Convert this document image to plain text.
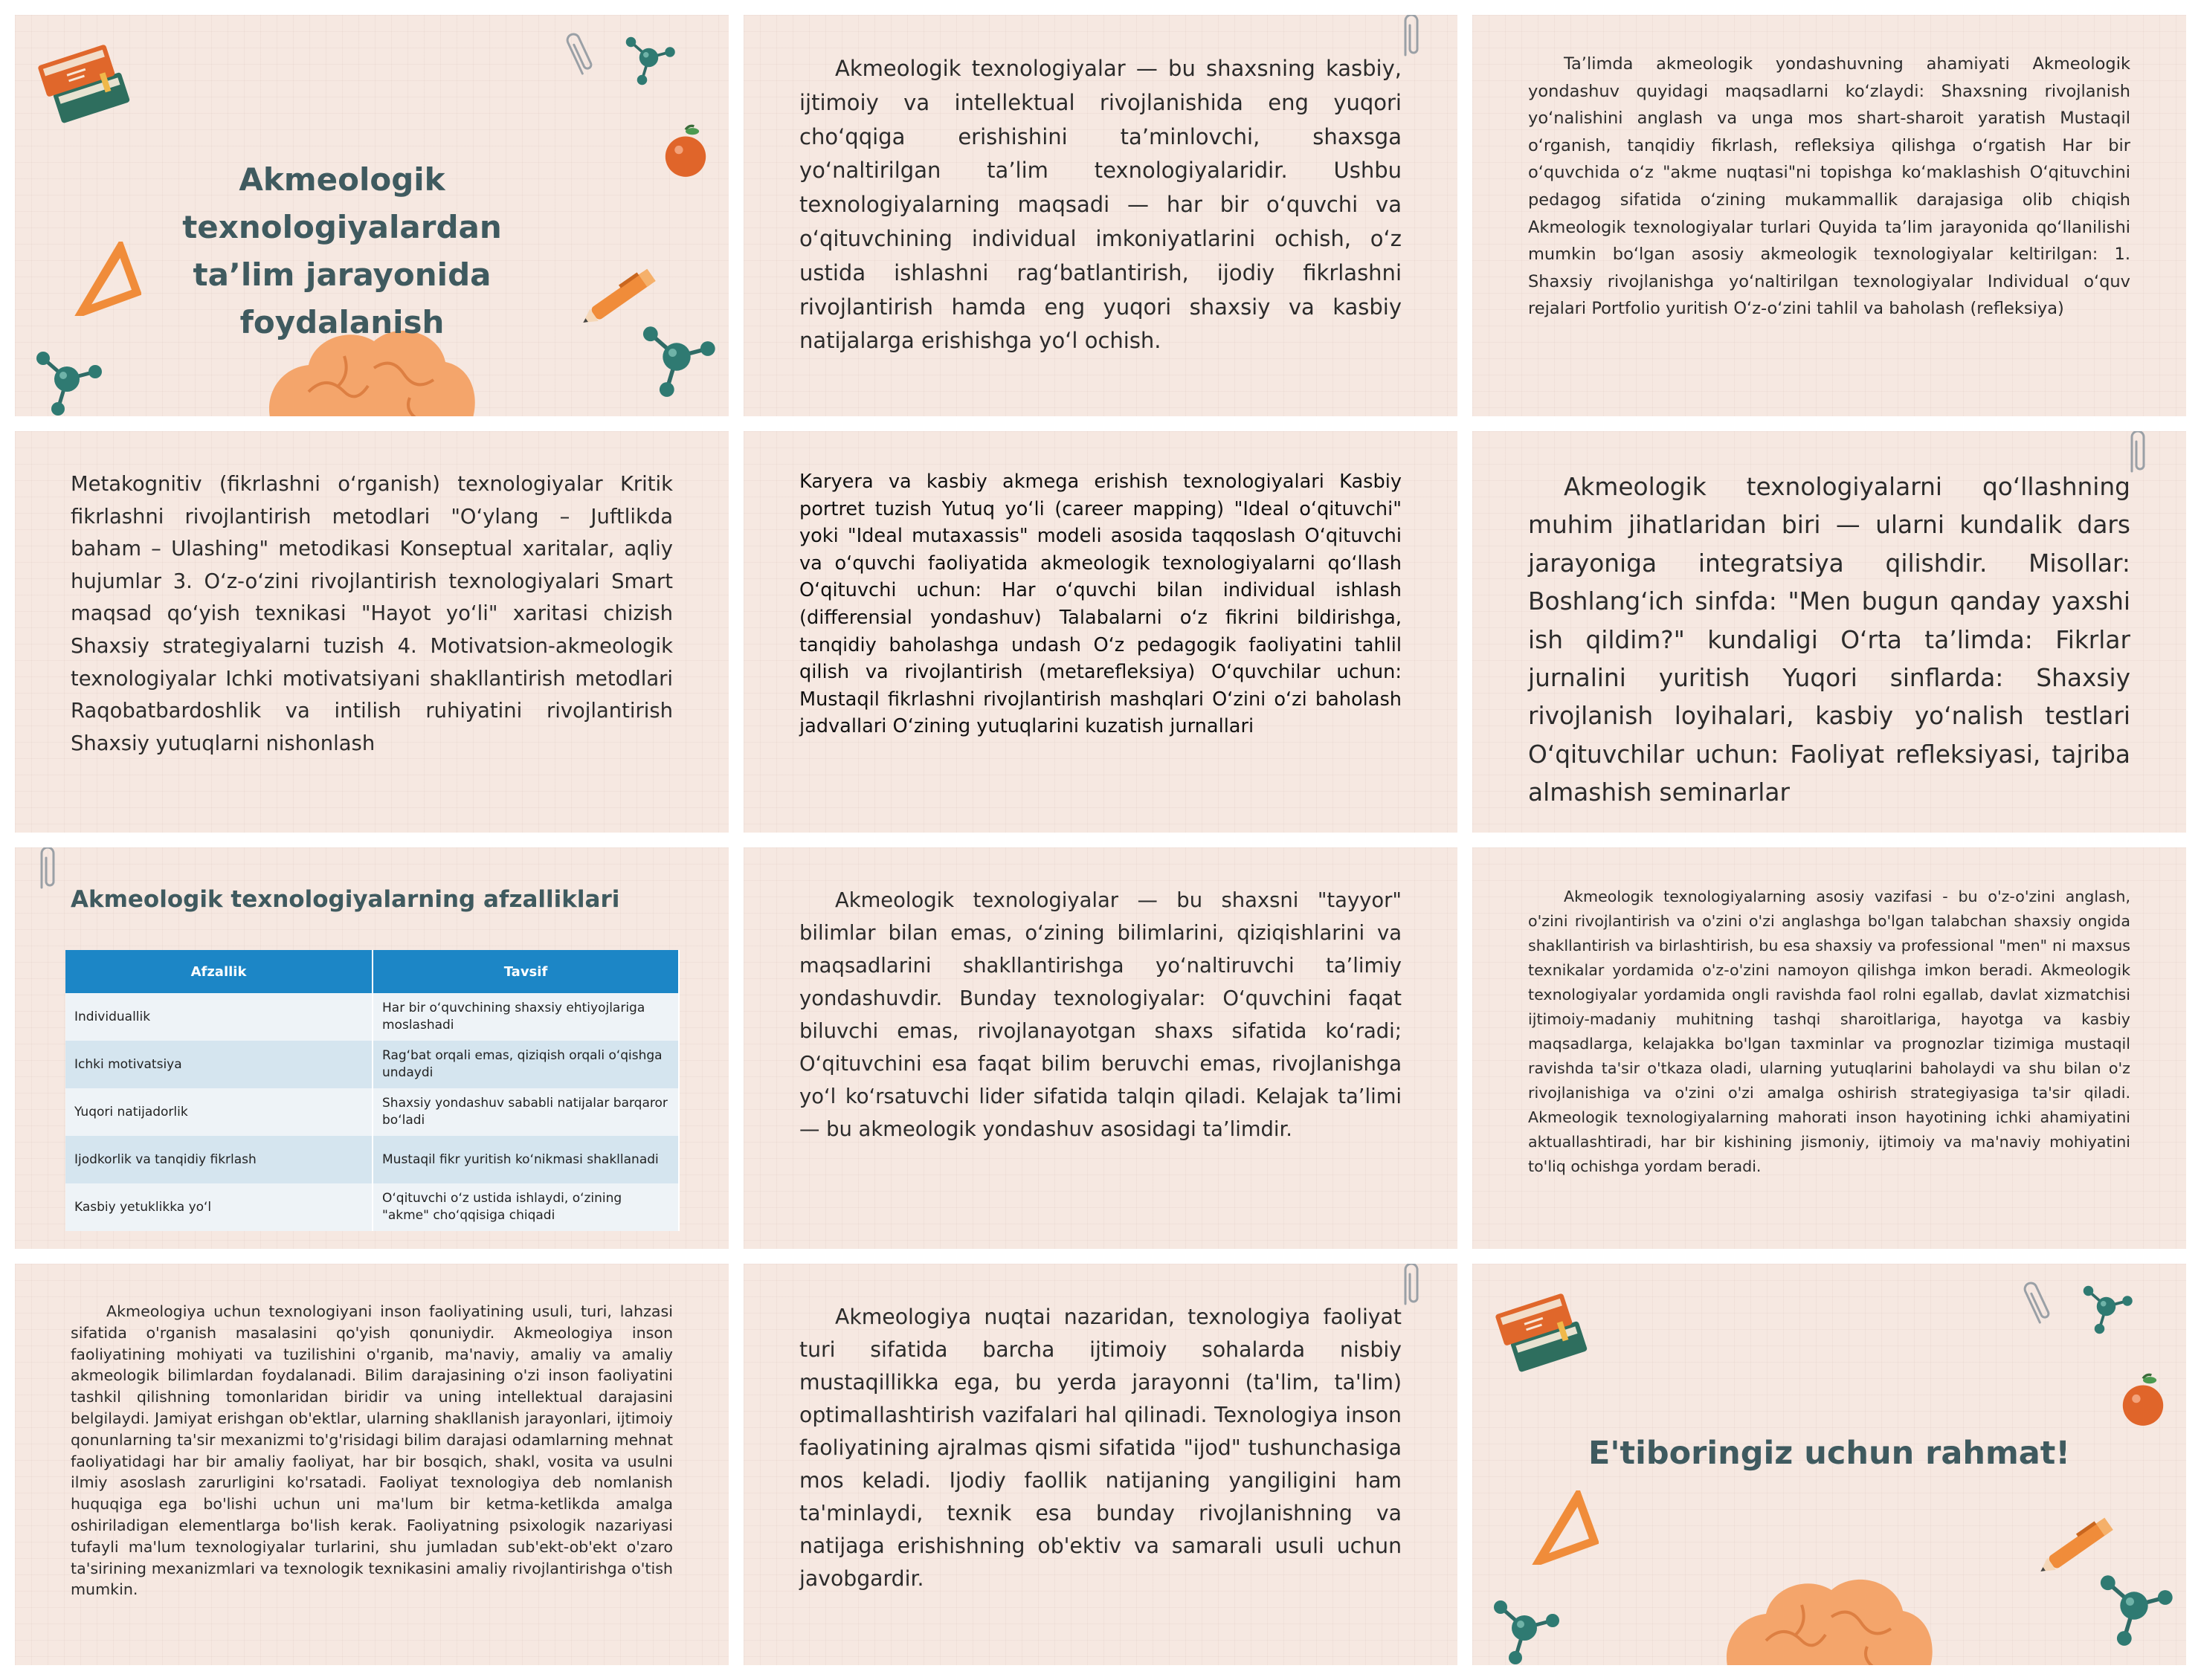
Akmeologik texnologiyalardan ta’lim jarayonida foydalanish
Akmeologik texnologiyalar — bu shaxsning kasbiy, ijtimoiy va intellektual rivojlanishida eng yuqori cho‘qqiga erishishini ta’minlovchi, shaxsga yo‘naltirilgan ta’lim texnologiyalaridir. Ushbu texnologiyalarning maqsadi — har bir o‘quvchi va o‘qituvchining individual imkoniyatlarini ochish, o‘z ustida ishlashni rag‘batlantirish, ijodiy fikrlashni rivojlantirish hamda eng yuqori shaxsiy va kasbiy natijalarga erishishga yo‘l ochish.
Ta’limda akmeologik yondashuvning ahamiyati Akmeologik yondashuv quyidagi maqsadlarni ko‘zlaydi: Shaxsning rivojlanish yo‘nalishini anglash va unga mos shart-sharoit yaratish Mustaqil o‘rganish, tanqidiy fikrlash, refleksiya qilishga o‘rgatish Har bir o‘quvchida o‘z "akme nuqtasi"ni topishga ko‘maklashish O‘qituvchini pedagog sifatida o‘zining mukammallik darajasiga olib chiqish Akmeologik texnologiyalar turlari Quyida ta’lim jarayonida qo‘llanilishi mumkin bo‘lgan asosiy akmeologik texnologiyalar keltirilgan: 1. Shaxsiy rivojlanishga yo‘naltirilgan texnologiyalar Individual o‘quv rejalari Portfolio yuritish O‘z-o‘zini tahlil va baholash (refleksiya)
Metakognitiv (fikrlashni o‘rganish) texnologiyalar Kritik fikrlashni rivojlantirish metodlari "O‘ylang – Juftlikda baham – Ulashing" metodikasi Konseptual xaritalar, aqliy hujumlar 3. O‘z-o‘zini rivojlantirish texnologiyalari Smart maqsad qo‘yish texnikasi "Hayot yo‘li" xaritasi chizish Shaxsiy strategiyalarni tuzish 4. Motivatsion-akmeologik texnologiyalar Ichki motivatsiyani shakllantirish metodlari Raqobatbardoshlik va intilish ruhiyatini rivojlantirish Shaxsiy yutuqlarni nishonlash
Karyera va kasbiy akmega erishish texnologiyalari Kasbiy portret tuzish Yutuq yo‘li (career mapping) "Ideal o‘qituvchi" yoki "Ideal mutaxassis" modeli asosida taqqoslash O‘qituvchi va o‘quvchi faoliyatida akmeologik texnologiyalarni qo‘llash O‘qituvchi uchun: Har o‘quvchi bilan individual ishlash (differensial yondashuv) Talabalarni o‘z fikrini bildirishga, tanqidiy baholashga undash O‘z pedagogik faoliyatini tahlil qilish va rivojlantirish (metarefleksiya) O‘quvchilar uchun: Mustaqil fikrlashni rivojlantirish mashqlari O‘zini o‘zi baholash jadvallari O‘zining yutuqlarini kuzatish jurnallari
Akmeologik texnologiyalarni qo‘llashning muhim jihatlaridan biri — ularni kundalik dars jarayoniga integratsiya qilishdir. Misollar: Boshlang‘ich sinfda: "Men bugun qanday yaxshi ish qildim?" kundaligi O‘rta ta’limda: Fikrlar jurnalini yuritish Yuqori sinflarda: Shaxsiy rivojlanish loyihalari, kasbiy yo‘nalish testlari O‘qituvchilar uchun: Faoliyat refleksiyasi, tajriba almashish seminarlar
Akmeologik texnologiyalarning afzalliklari
Afzallik	Tavsif
Individuallik	Har bir o‘quvchining shaxsiy ehtiyojlariga moslashadi
Ichki motivatsiya	Rag‘bat orqali emas, qiziqish orqali o‘qishga undaydi
Yuqori natijadorlik	Shaxsiy yondashuv sababli natijalar barqaror bo‘ladi
Ijodkorlik va tanqidiy fikrlash	Mustaqil fikr yuritish ko‘nikmasi shakllanadi
Kasbiy yetuklikka yo‘l	O‘qituvchi o‘z ustida ishlaydi, o‘zining "akme" cho‘qqisiga chiqadi
Akmeologik texnologiyalar — bu shaxsni "tayyor" bilimlar bilan emas, o‘zining bilimlarini, qiziqishlarini va maqsadlarini shakllantirishga yo‘naltiruvchi ta’limiy yondashuvdir. Bunday texnologiyalar: O‘quvchini faqat biluvchi emas, rivojlanayotgan shaxs sifatida ko‘radi; O‘qituvchini esa faqat bilim beruvchi emas, rivojlanishga yo‘l ko‘rsatuvchi lider sifatida talqin qiladi. Kelajak ta’limi — bu akmeologik yondashuv asosidagi ta’limdir.
Akmeologik texnologiyalarning asosiy vazifasi - bu o'z-o'zini anglash, o'zini rivojlantirish va o'zini o'zi anglashga bo'lgan talabchan shaxsiy ongida shakllantirish va birlashtirish, bu esa shaxsiy va professional "men" ni maxsus texnikalar yordamida o'z-o'zini namoyon qilishga imkon beradi. Akmeologik texnologiyalar yordamida ongli ravishda faol rolni egallab, davlat xizmatchisi ijtimoiy-madaniy muhitning tashqi sharoitlariga, hayotga va kasbiy maqsadlarga, kelajakka bo'lgan taxminlar va prognozlar tizimiga mustaqil ravishda ta'sir o'tkaza oladi, ularning yutuqlarini baholaydi va shu bilan o'z rivojlanishiga va o'zini o'zi amalga oshirish strategiyasiga ta'sir qiladi. Akmeologik texnologiyalarning mahorati inson hayotining ichki ahamiyatini aktuallashtiradi, har bir kishining jismoniy, ijtimoiy va ma'naviy mohiyatini to'liq ochishga yordam beradi.
Akmeologiya uchun texnologiyani inson faoliyatining usuli, turi, lahzasi sifatida o'rganish masalasini qo'yish qonuniydir. Akmeologiya inson faoliyatining mohiyati va tuzilishini o'rganib, ma'naviy, amaliy va amaliy akmeologik bilimlardan foydalanadi. Bilim darajasining o'zi inson faoliyatini tashkil qilishning tomonlaridan biridir va uning intellektual darajasini belgilaydi. Jamiyat erishgan ob'ektlar, ularning shakllanish jarayonlari, ijtimoiy qonunlarning ta'sir mexanizmi to'g'risidagi bilim darajasi odamlarning mehnat faoliyatidagi har bir amaliy faoliyat, har bir bosqich, shakl, vosita va usulni ilmiy asoslash zarurligini ko'rsatadi. Faoliyat texnologiya deb nomlanish huquqiga ega bo'lishi uchun uni ma'lum bir ketma-ketlikda amalga oshiriladigan elementlarga bo'lish kerak. Faoliyatning psixologik nazariyasi tufayli ma'lum texnologiyalar turlarini, shu jumladan sub'ekt-ob'ekt o'zaro ta'sirining mexanizmlari va texnologik texnikasini amaliy rivojlantirishga o'tish mumkin.
Akmeologiya nuqtai nazaridan, texnologiya faoliyat turi sifatida barcha ijtimoiy sohalarda nisbiy mustaqillikka ega, bu yerda jarayonni (ta'lim, ta'lim) optimallashtirish vazifalari hal qilinadi. Texnologiya inson faoliyatining ajralmas qismi sifatida "ijod" tushunchasiga mos keladi. Ijodiy faollik natijaning yangiligini ham ta'minlaydi, texnik esa bunday rivojlanishning va natijaga erishishning ob'ektiv va samarali usuli uchun javobgardir.
E'tiboringiz uchun rahmat!
